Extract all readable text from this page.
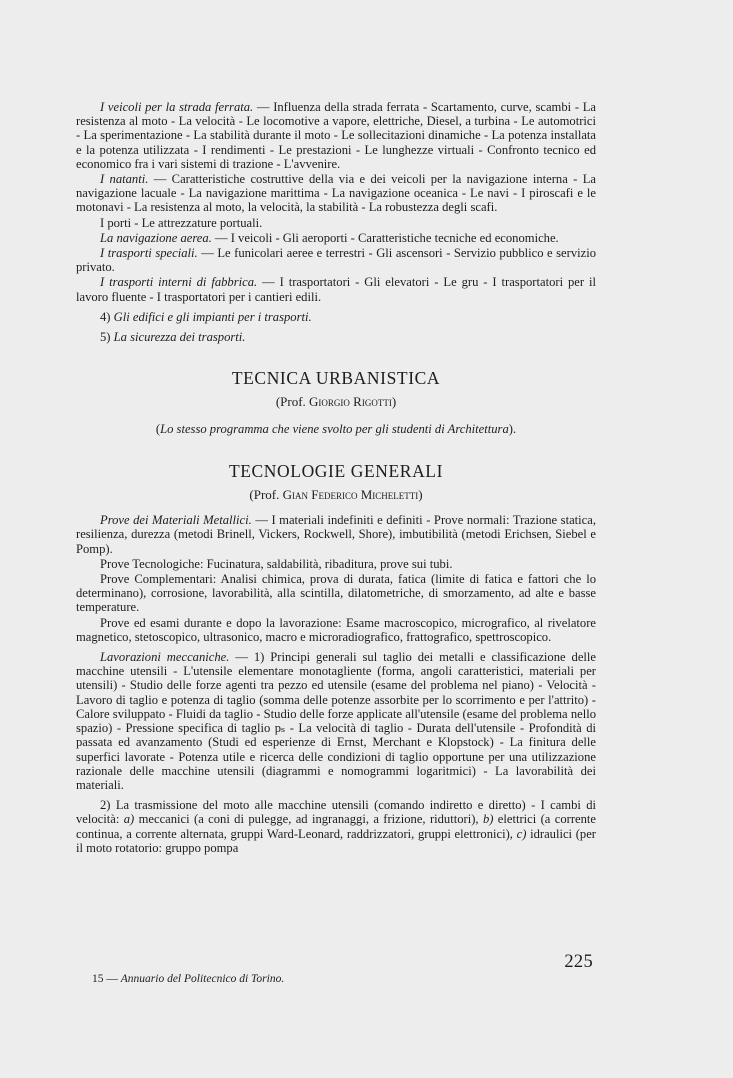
I veicoli per la strada ferrata. — Influenza della strada ferrata - Scartamento, curve, scambi - La resistenza al moto - La velocità - Le locomotive a vapore, elettriche, Diesel, a turbina - Le automotrici - La sperimentazione - La stabilità durante il moto - Le sollecitazioni dinamiche - La potenza installata e la potenza utilizzata - I rendimenti - Le prestazioni - Le lunghezze virtuali - Confronto tecnico ed economico fra i vari sistemi di trazione - L'avvenire.

I natanti. — Caratteristiche costruttive della via e dei veicoli per la navigazione interna - La navigazione lacuale - La navigazione marittima - La navigazione oceanica - Le navi - I piroscafi e le motonavi - La resistenza al moto, la velocità, la stabilità - La robustezza degli scafi.

I porti - Le attrezzature portuali.

La navigazione aerea. — I veicoli - Gli aeroporti - Caratteristiche tecniche ed economiche.

I trasporti speciali. — Le funicolari aeree e terrestri - Gli ascensori - Servizio pubblico e servizio privato.

I trasporti interni di fabbrica. — I trasportatori - Gli elevatori - Le gru - I trasportatori per il lavoro fluente - I trasportatori per i cantieri edili.

4) Gli edifici e gli impianti per i trasporti.

5) La sicurezza dei trasporti.

TECNICA URBANISTICA
(Prof. Giorgio Rigotti)
(Lo stesso programma che viene svolto per gli studenti di Architettura).
TECNOLOGIE GENERALI
(Prof. Gian Federico Micheletti)

Prove dei Materiali Metallici. — I materiali indefiniti e definiti - Prove normali: Trazione statica, resilienza, durezza (metodi Brinell, Vickers, Rockwell, Shore), imbutibilità (metodi Erichsen, Siebel e Pomp).

Prove Tecnologiche: Fucinatura, saldabilità, ribaditura, prove sui tubi.

Prove Complementari: Analisi chimica, prova di durata, fatica (limite di fatica e fattori che lo determinano), corrosione, lavorabilità, alla scintilla, dilatometriche, di smorzamento, ad alte e basse temperature.

Prove ed esami durante e dopo la lavorazione: Esame macroscopico, micrografico, al rivelatore magnetico, stetoscopico, ultrasonico, macro e microradiografico, frattografico, spettroscopico.

Lavorazioni meccaniche. — 1) Principi generali sul taglio dei metalli e classificazione delle macchine utensili - L'utensile elementare monotagliente (forma, angoli caratteristici, materiali per utensili) - Studio delle forze agenti tra pezzo ed utensile (esame del problema nel piano) - Velocità - Lavoro di taglio e potenza di taglio (somma delle potenze assorbite per lo scorrimento e per l'attrito) - Calore sviluppato - Fluidi da taglio - Studio delle forze applicate all'utensile (esame del problema nello spazio) - Pressione specifica di taglio pₛ - La velocità di taglio - Durata dell'utensile - Profondità di passata ed avanzamento (Studi ed esperienze di Ernst, Merchant e Klopstock) - La finitura delle superfici lavorate - Potenza utile e ricerca delle condizioni di taglio opportune per una utilizzazione razionale delle macchine utensili (diagrammi e nomogrammi logaritmici) - La lavorabilità dei materiali.

2) La trasmissione del moto alle macchine utensili (comando indiretto e diretto) - I cambi di velocità: a) meccanici (a coni di pulegge, ad ingranaggi, a frizione, riduttori), b) elettrici (a corrente continua, a corrente alternata, gruppi Ward-Leonard, raddrizzatori, gruppi elettronici), c) idraulici (per il moto rotatorio: gruppo pompa

225
15 — Annuario del Politecnico di Torino.
